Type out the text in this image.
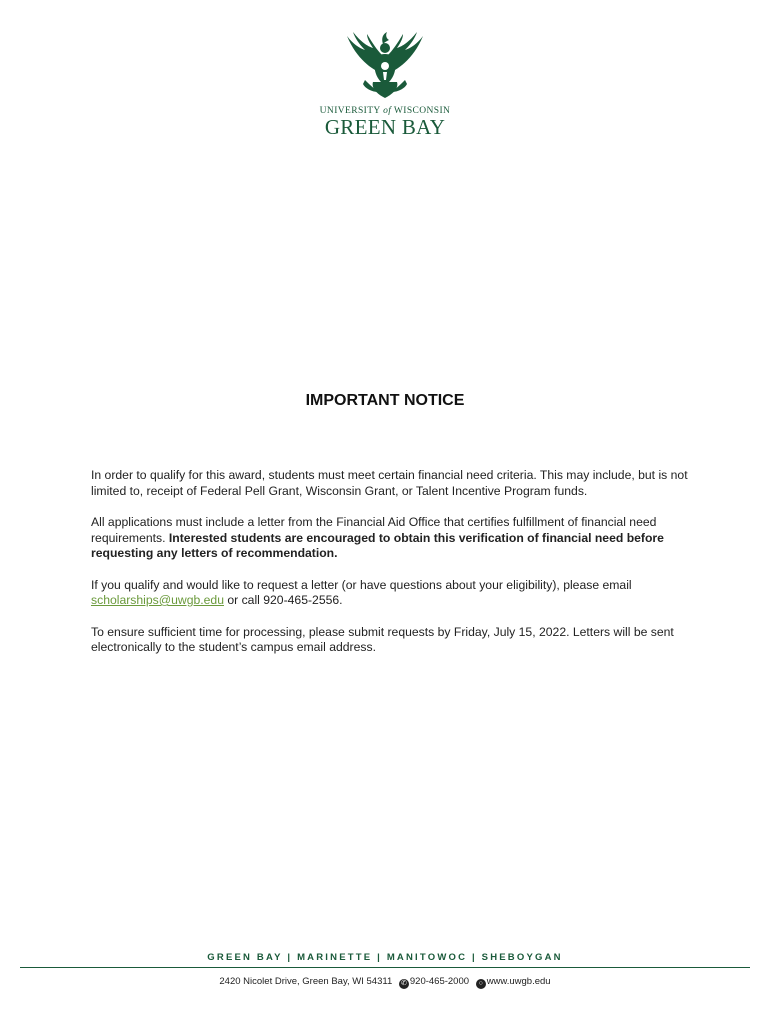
UNIVERSITY of WISCONSIN
GREEN BAY
IMPORTANT NOTICE

In order to qualify for this award, students must meet certain financial need criteria. This may include, but is not limited to, receipt of Federal Pell Grant, Wisconsin Grant, or Talent Incentive Program funds.

All applications must include a letter from the Financial Aid Office that certifies fulfillment of financial need requirements. Interested students are encouraged to obtain this verification of financial need before requesting any letters of recommendation.

If you qualify and would like to request a letter (or have questions about your eligibility), please email scholarships@uwgb.edu or call 920-465-2556.

To ensure sufficient time for processing, please submit requests by Friday, July 15, 2022. Letters will be sent electronically to the student’s campus email address.

GREEN BAY | MARINETTE | MANITOWOC | SHEBOYGAN
2420 Nicolet Drive, Green Bay, WI 54311 ✆ 920-465-2000 ○ www.uwgb.edu
